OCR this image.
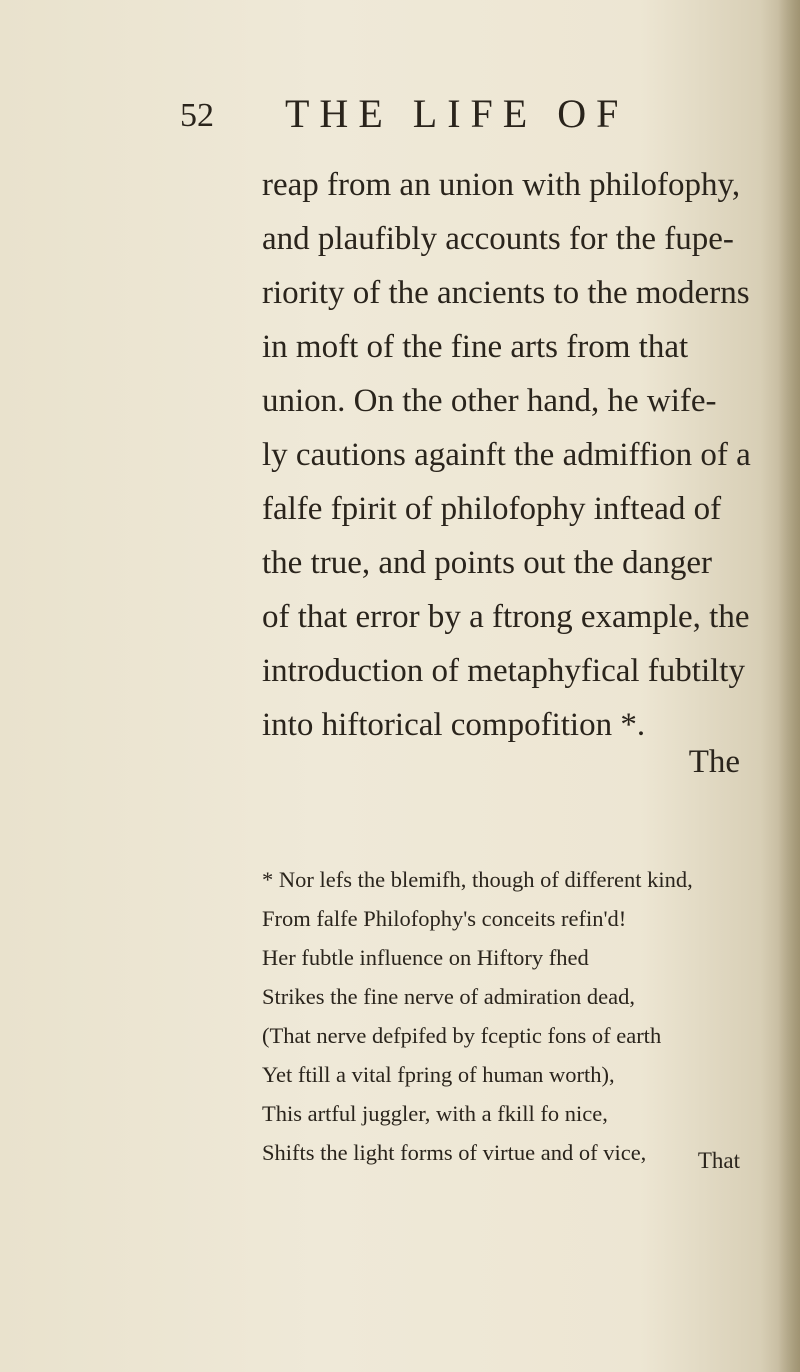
52 THE LIFE OF
reap from an union with philofophy,
and plaufibly accounts for the fupe-
riority of the ancients to the moderns
in moft of the fine arts from that
union. On the other hand, he wife-
ly cautions againft the admiffion of a
falfe fpirit of philofophy inftead of
the true, and points out the danger
of that error by a ftrong example, the
introduction of metaphyfical fubtilty
into hiftorical compofition *.
The
* Nor lefs the blemifh, though of different kind,
From falfe Philofophy's conceits refin'd!
Her fubtle influence on Hiftory fhed
Strikes the fine nerve of admiration dead,
(That nerve defpifed by fceptic fons of earth
Yet ftill a vital fpring of human worth),
This artful juggler, with a fkill fo nice,
Shifts the light forms of virtue and of vice,	That
